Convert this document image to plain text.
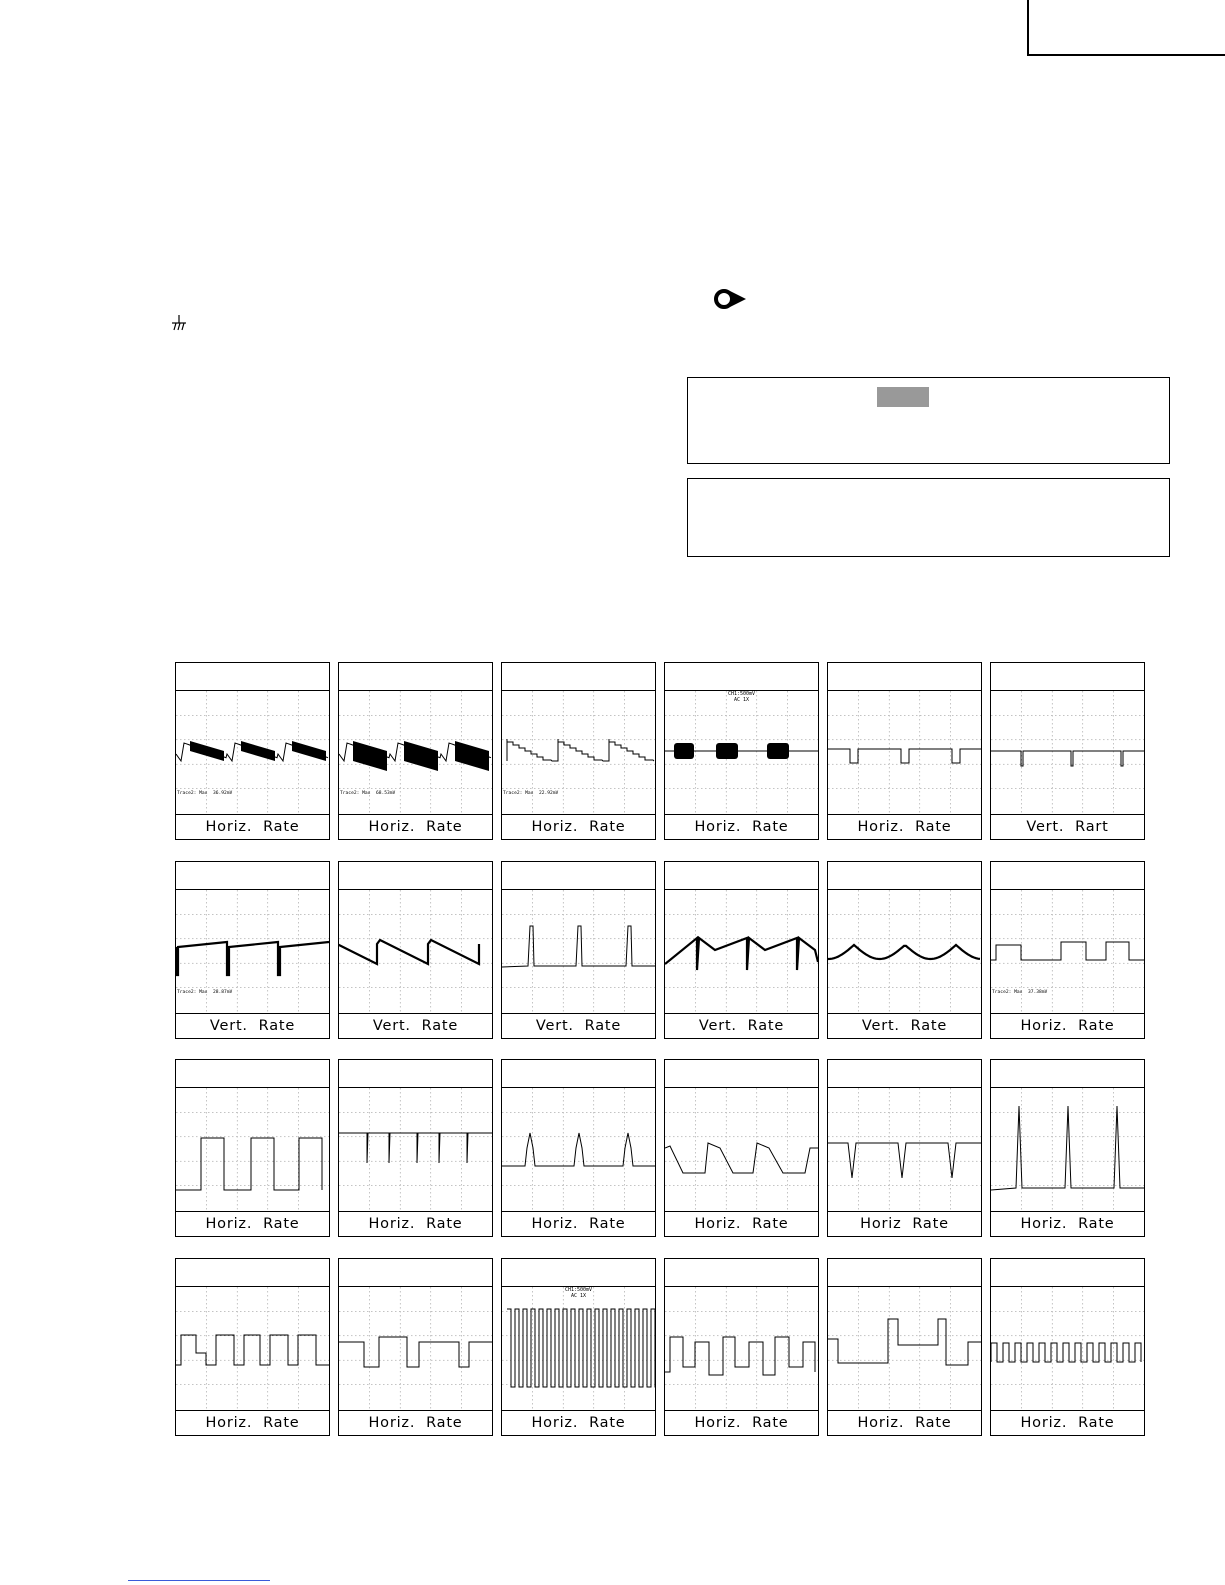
Trace2: Max  36.92mV
Horiz.  Rate
Trace2: Max  68.53mV
Horiz.  Rate
Trace2: Max  22.92mV
Horiz.  Rate
CH1:500mV
AC 1X
Horiz.  Rate	Horiz.  Rate	Vert.  Rart
Trace2: Max  28.87mV
Vert.  Rate	Vert.  Rate	Vert.  Rate	Vert.  Rate	Vert.  Rate
Trace2: Max  37.38mV
Horiz.  Rate
Horiz.  Rate	Horiz.  Rate	Horiz.  Rate	Horiz.  Rate	Horiz  Rate	Horiz.  Rate
Horiz.  Rate	Horiz.  Rate
CH1:500mV
AC 1X
Horiz.  Rate	Horiz.  Rate	Horiz.  Rate	Horiz.  Rate
